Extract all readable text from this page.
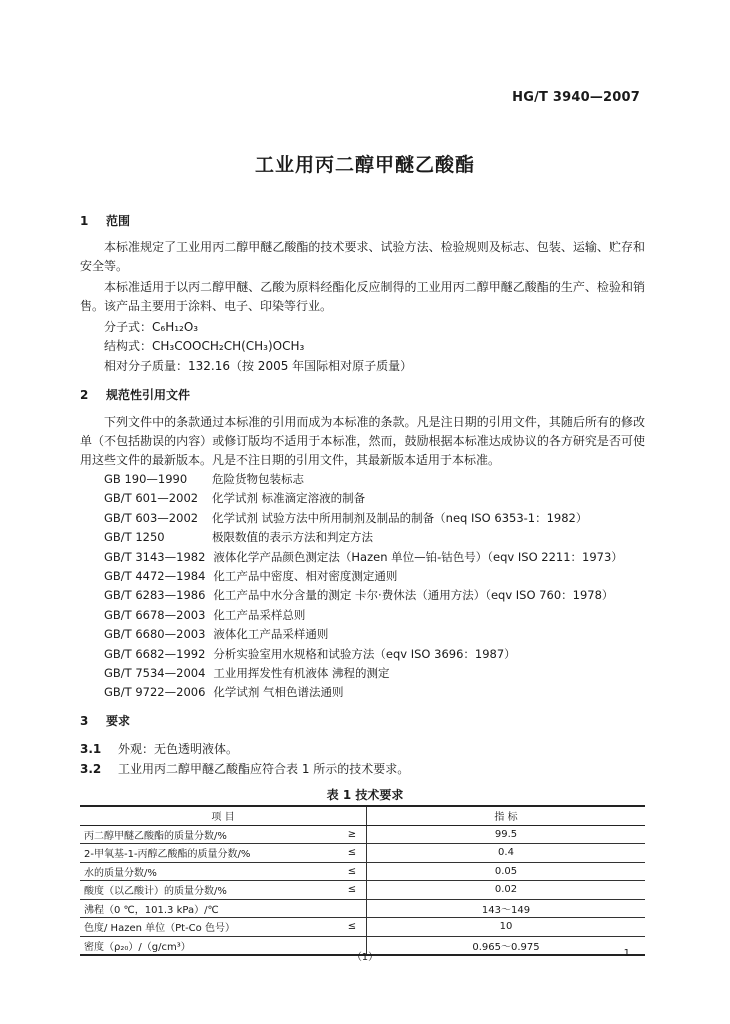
HG/T 3940—2007
工业用丙二醇甲醚乙酸酯
1 范围
本标准规定了工业用丙二醇甲醚乙酸酯的技术要求、试验方法、检验规则及标志、包装、运输、贮存和安全等。
本标准适用于以丙二醇甲醚、乙酸为原料经酯化反应制得的工业用丙二醇甲醚乙酸酯的生产、检验和销售。该产品主要用于涂料、电子、印染等行业。
分子式：C₆H₁₂O₃
结构式：CH₃COOCH₂CH(CH₃)OCH₃
相对分子质量：132.16（按 2005 年国际相对原子质量）
2 规范性引用文件
下列文件中的条款通过本标准的引用而成为本标准的条款。凡是注日期的引用文件，其随后所有的修改单（不包括勘误的内容）或修订版均不适用于本标准，然而，鼓励根据本标准达成协议的各方研究是否可使用这些文件的最新版本。凡是不注日期的引用文件，其最新版本适用于本标准。
GB 190—1990 危险货物包装标志
GB/T 601—2002 化学试剂 标准滴定溶液的制备
GB/T 603—2002 化学试剂 试验方法中所用制剂及制品的制备（neq ISO 6353-1：1982）
GB/T 1250	极限数值的表示方法和判定方法
GB/T 3143—1982 液体化学产品颜色测定法（Hazen 单位—铂-钴色号）（eqv ISO 2211：1973）
GB/T 4472—1984 化工产品中密度、相对密度测定通则
GB/T 6283—1986 化工产品中水分含量的测定 卡尔·费休法（通用方法）（eqv ISO 760：1978）
GB/T 6678—2003 化工产品采样总则
GB/T 6680—2003 液体化工产品采样通则
GB/T 6682—1992 分析实验室用水规格和试验方法（eqv ISO 3696：1987）
GB/T 7534—2004 工业用挥发性有机液体 沸程的测定
GB/T 9722—2006 化学试剂 气相色谱法通则
3 要求
3.1 外观：无色透明液体。
3.2 工业用丙二醇甲醚乙酸酯应符合表 1 所示的技术要求。
表 1 技术要求
项 目		指 标
丙二醇甲醚乙酸酯的质量分数/%	≥	99.5
2-甲氧基-1-丙醇乙酸酯的质量分数/%	≤	0.4
水的质量分数/%	≤	0.05
酸度（以乙酸计）的质量分数/%	≤	0.02
沸程（0 ℃，101.3 kPa）/℃		143～149
色度/ Hazen 单位（Pt-Co 色号）	≤	10
密度（ρ₂₀）/（g/cm³）		0.965～0.975
（1）	1
